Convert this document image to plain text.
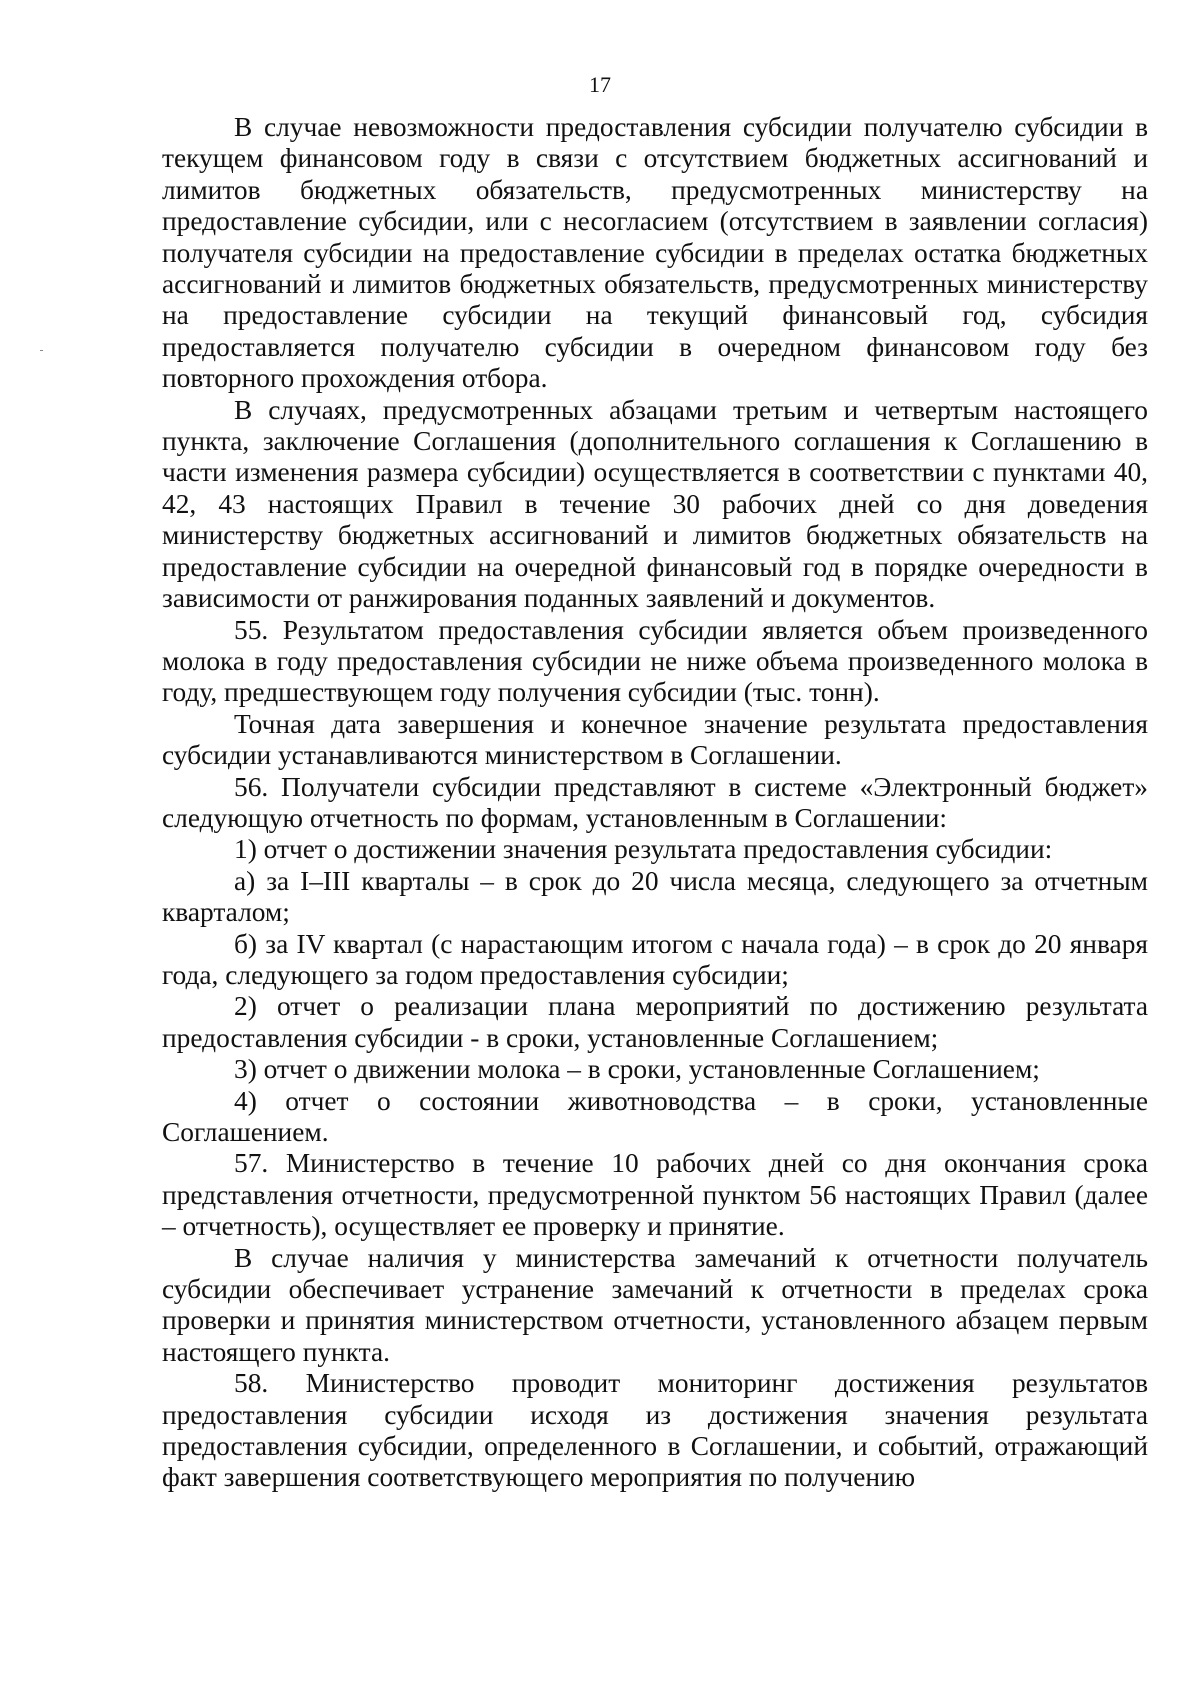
17

В случае невозможности предоставления субсидии получателю субсидии в текущем финансовом году в связи с отсутствием бюджетных ассигнований и лимитов бюджетных обязательств, предусмотренных министерству на предоставление субсидии, или с несогласием (отсутствием в заявлении согласия) получателя субсидии на предоставление субсидии в пределах остатка бюджетных ассигнований и лимитов бюджетных обязательств, предусмотренных министерству на предоставление субсидии на текущий финансовый год, субсидия предоставляется получателю субсидии в очередном финансовом году без повторного прохождения отбора.

В случаях, предусмотренных абзацами третьим и четвертым настоящего пункта, заключение Соглашения (дополнительного соглашения к Соглашению в части изменения размера субсидии) осуществляется в соответствии с пунктами 40, 42, 43 настоящих Правил в течение 30 рабочих дней со дня доведения министерству бюджетных ассигнований и лимитов бюджетных обязательств на предоставление субсидии на очередной финансовый год в порядке очередности в зависимости от ранжирования поданных заявлений и документов.

55. Результатом предоставления субсидии является объем произведенного молока в году предоставления субсидии не ниже объема произведенного молока в году, предшествующем году получения субсидии (тыс. тонн).

Точная дата завершения и конечное значение результата предоставления субсидии устанавливаются министерством в Соглашении.

56. Получатели субсидии представляют в системе «Электронный бюджет» следующую отчетность по формам, установленным в Соглашении:

1) отчет о достижении значения результата предоставления субсидии:

а) за I–III кварталы – в срок до 20 числа месяца, следующего за отчетным кварталом;

б) за IV квартал (с нарастающим итогом с начала года) – в срок до 20 января года, следующего за годом предоставления субсидии;

2) отчет о реализации плана мероприятий по достижению результата предоставления субсидии - в сроки, установленные Соглашением;

3) отчет о движении молока – в сроки, установленные Соглашением;

4) отчет о состоянии животноводства – в сроки, установленные Соглашением.

57. Министерство в течение 10 рабочих дней со дня окончания срока представления отчетности, предусмотренной пунктом 56 настоящих Правил (далее – отчетность), осуществляет ее проверку и принятие.

В случае наличия у министерства замечаний к отчетности получатель субсидии обеспечивает устранение замечаний к отчетности в пределах срока проверки и принятия министерством отчетности, установленного абзацем первым настоящего пункта.

58. Министерство проводит мониторинг достижения результатов предоставления субсидии исходя из достижения значения результата предоставления субсидии, определенного в Соглашении, и событий, отражающий факт завершения соответствующего мероприятия по получению
